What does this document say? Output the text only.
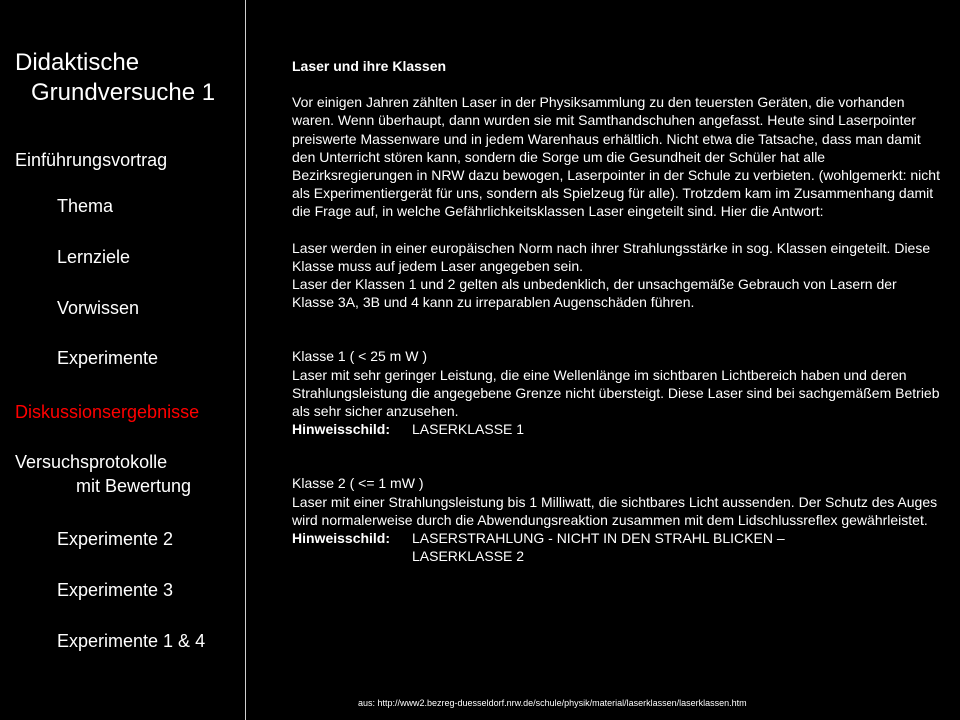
Didaktische
Grundversuche 1
Einführungsvortrag
Thema
Lernziele
Vorwissen
Experimente
Diskussionsergebnisse
Versuchsprotokolle
mit Bewertung
Experimente 2
Experimente 3
Experimente 1 & 4

Laser und ihre Klassen

Vor einigen Jahren zählten Laser in der Physiksammlung zu den teuersten Geräten, die vorhanden waren. Wenn überhaupt, dann wurden sie mit Samthandschuhen angefasst. Heute sind Laserpointer preiswerte Massenware und in jedem Warenhaus erhältlich. Nicht etwa die Tatsache, dass man damit den Unterricht stören kann, sondern die Sorge um die Gesundheit der Schüler hat alle Bezirksregierungen in NRW dazu bewogen, Laserpointer in der Schule zu verbieten. (wohlgemerkt: nicht als Experimentiergerät für uns, sondern als Spielzeug für alle). Trotzdem kam im Zusammenhang damit die Frage auf, in welche Gefährlichkeitsklassen Laser eingeteilt sind. Hier die Antwort:

Laser werden in einer europäischen Norm nach ihrer Strahlungsstärke in sog. Klassen eingeteilt. Diese Klasse muss auf jedem Laser angegeben sein.

Laser der Klassen 1 und 2 gelten als unbedenklich, der unsachgemäße Gebrauch von Lasern der Klasse 3A, 3B und 4 kann zu irreparablen Augenschäden führen.

Klasse 1 ( < 25 m W )

Laser mit sehr geringer Leistung, die eine Wellenlänge im sichtbaren Lichtbereich haben und deren Strahlungsleistung die angegebene Grenze nicht übersteigt. Diese Laser sind bei sachgemäßem Betrieb als sehr sicher anzusehen.

Hinweisschild:	LASERKLASSE 1

Klasse 2 ( <= 1 mW )

Laser mit einer Strahlungsleistung bis 1 Milliwatt, die sichtbares Licht aussenden. Der Schutz des Auges wird normalerweise durch die Abwendungsreaktion zusammen mit dem Lidschlussreflex gewährleistet.

Hinweisschild:	LASERSTRAHLUNG - NICHT IN DEN STRAHL BLICKEN –
LASERKLASSE 2
aus: http://www2.bezreg-duesseldorf.nrw.de/schule/physik/material/laserklassen/laserklassen.htm
